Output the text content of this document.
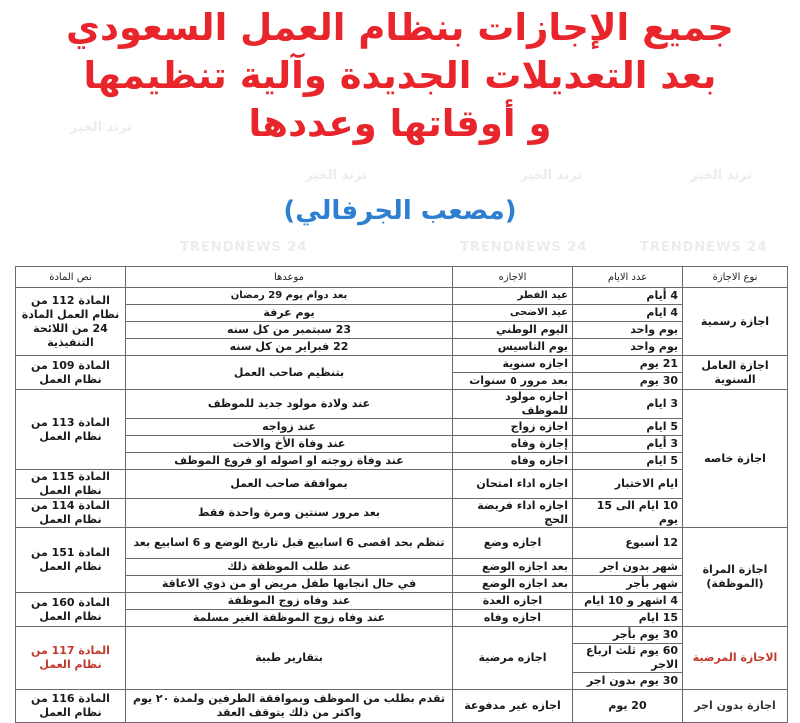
ترند الخبر
ترند الخبر	ترند الخبر	ترند الخبر
TRENDNEWS 24	TRENDNEWS 24	TRENDNEWS 24
جميع الإجازات بنظام العمل السعودي
بعد التعديلات الجديدة وآلية تنظيمها
و أوقاتها وعددها
(مصعب الجرفالي)
نوع الاجازة	عدد الايام	الاجازه	موعدها	نص المادة
اجازة رسمية	4 أيام	عيد الفطر	بعد دوام يوم 29 رمضان	المادة 112 من نظام العمل المادة 24 من اللائحة التنفيذية
	4 ايام	عيد الاضحى	يوم عرفة	
	يوم واحد	اليوم الوطني	23 سبتمبر من كل سنه	
	يوم واحد	يوم التاسيس	22 فبراير من كل سنه	
اجازة العامل السنوية	21 يوم	اجازه سنوية	بتنظيم صاحب العمل	المادة 109 من نظام العمل
	30 يوم	بعد مرور ٥ سنوات		
اجازة خاصه	3 ايام	اجازه مولود للموظف	عند ولادة مولود جديد للموظف	المادة 113 من نظام العمل
	5 ايام	اجازه زواج	عند زواجه	
	3 أيام	إجازة وفاه	عند وفاة الأخ والاخت	
	5 ايام	اجازه وفاه	عند وفاة زوجته او اصوله او فروع الموظف	
	ايام الاختبار	اجازه اداء امتحان	بموافقة صاحب العمل	المادة 115 من نظام العمل
	10 ايام الى 15 يوم	اجازه اداء فريضة الحج	بعد مرور سنتين ومرة واحدة فقط	المادة 114 من نظام العمل
اجازة المراة (الموظفة)	12 أسبوع	اجازه وضع	تنظم بحد اقصى 6 اسابيع قبل تاريخ الوضع و 6 اسابيع بعد	المادة 151 من نظام العمل
	شهر بدون اجر	بعد اجازه الوضع	عند طلب الموظفة ذلك	
	شهر بأجر	بعد اجازه الوضع	في حال انجابها طفل مريض او من ذوي الاعاقة	
	4 اشهر و 10 ايام	اجازه العدة	عند وفاه زوج الموظفة	المادة 160 من نظام العمل
	15 ايام	اجازه وفاه	عند وفاه زوج الموظفة الغير مسلمة	
الاجازة المرضية	30 يوم بأجر	اجازه مرضية	بتقارير طبية	المادة 117 من نظام العمل
	60 يوم ثلث ارباع الاجر			
	30 يوم بدون اجر			
اجازة بدون اجر	20 يوم	اجازه غير مدفوعة	تقدم بطلب من الموظف وبموافقة الطرفين ولمدة ٢٠ يوم واكثر من ذلك يتوقف العقد	المادة 116 من نظام العمل
